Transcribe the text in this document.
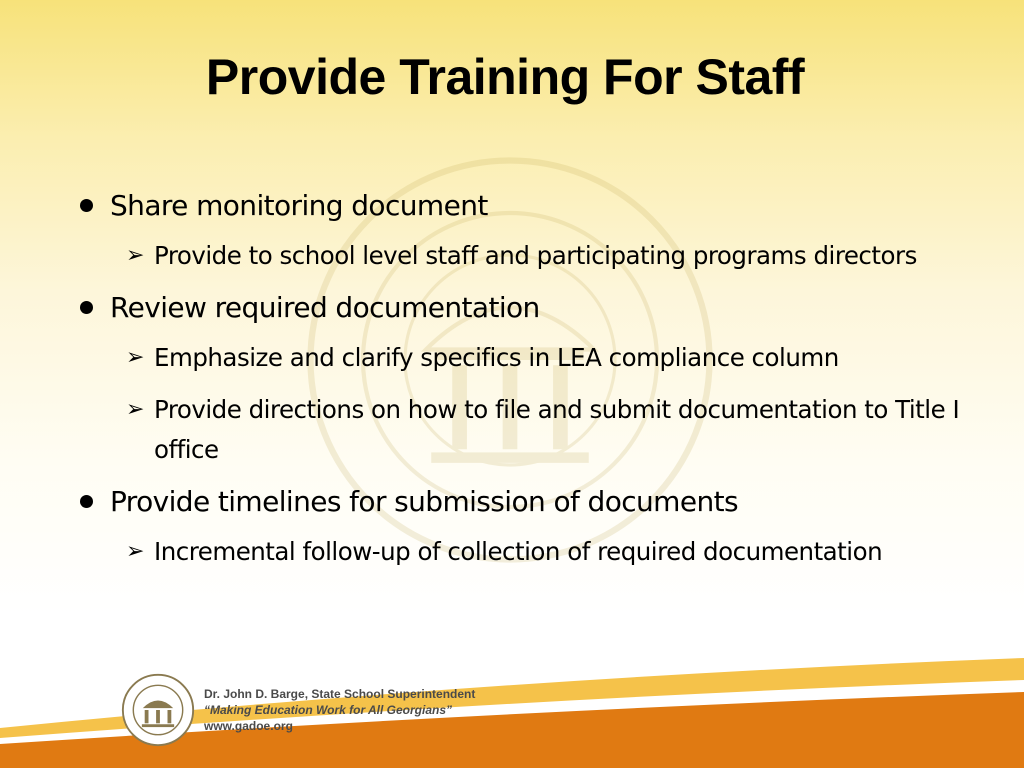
Provide Training For Staff
Share monitoring document
➢ Provide to school level staff and participating programs directors
Review required documentation
➢ Emphasize and clarify specifics in LEA compliance column
➢ Provide directions on how to file and submit documentation to Title I office
Provide timelines for submission of documents
➢ Incremental follow-up of collection of required documentation
Dr. John D. Barge, State School Superintendent
“Making Education Work for All Georgians”
www.gadoe.org
